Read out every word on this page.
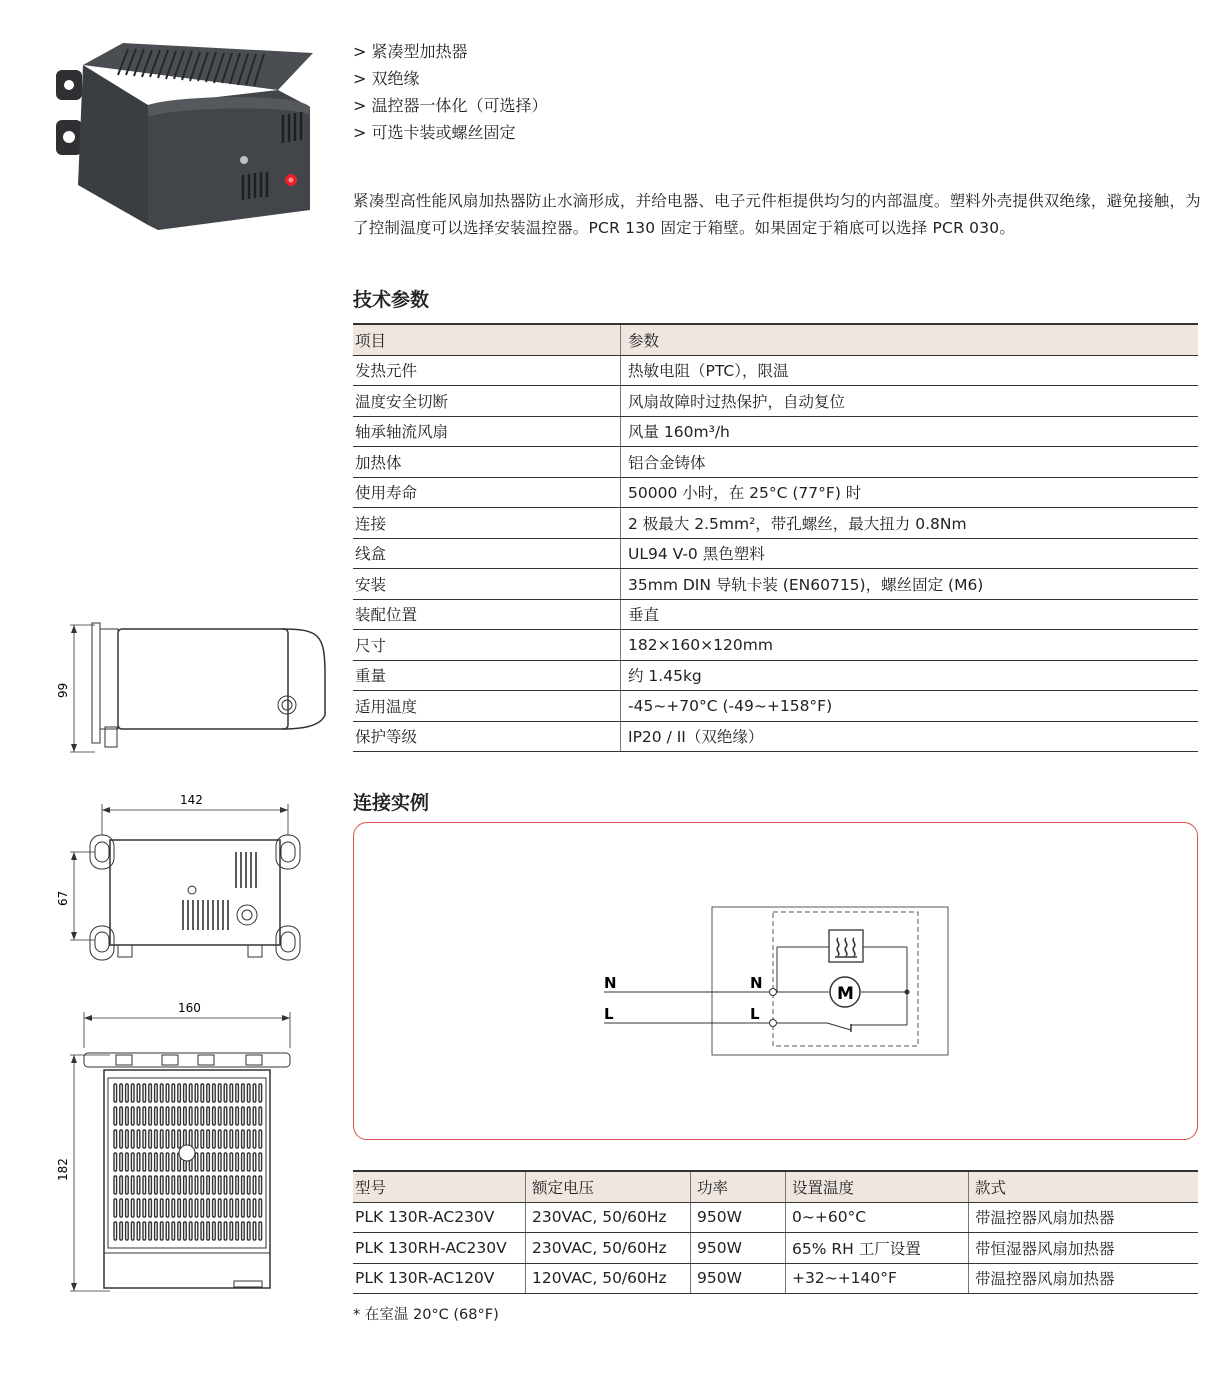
> 紧凑型加热器
> 双绝缘
> 温控器一体化（可选择）
> 可选卡装或螺丝固定
紧凑型高性能风扇加热器防止水滴形成，并给电器、电子元件柜提供均匀的内部温度。塑料外壳提供双绝缘，避免接触，为了控制温度可以选择安装温控器。PCR 130 固定于箱壁。如果固定于箱底可以选择 PCR 030。
技术参数
项目	参数
发热元件	热敏电阻（PTC），限温
温度安全切断	风扇故障时过热保护，自动复位
轴承轴流风扇	风量 160m³/h
加热体	铝合金铸体
使用寿命	50000 小时，在 25°C (77°F) 时
连接	2 极最大 2.5mm²，带孔螺丝，最大扭力 0.8Nm
线盒	UL94 V-0 黑色塑料
安装	35mm DIN 导轨卡装 (EN60715)，螺丝固定 (M6)
装配位置	垂直
尺寸	182×160×120mm
重量	约 1.45kg
适用温度	-45~+70°C (-49~+158°F)
保护等级	IP20 / II（双绝缘）
99
142
67
160
182
连接实例
N
L
N
L
M
型号	额定电压	功率	设置温度	款式
PLK 130R-AC230V	230VAC, 50/60Hz	950W	0~+60°C	带温控器风扇加热器
PLK 130RH-AC230V	230VAC, 50/60Hz	950W	65% RH 工厂设置	带恒湿器风扇加热器
PLK 130R-AC120V	120VAC, 50/60Hz	950W	+32~+140°F	带温控器风扇加热器
* 在室温 20°C (68°F)
